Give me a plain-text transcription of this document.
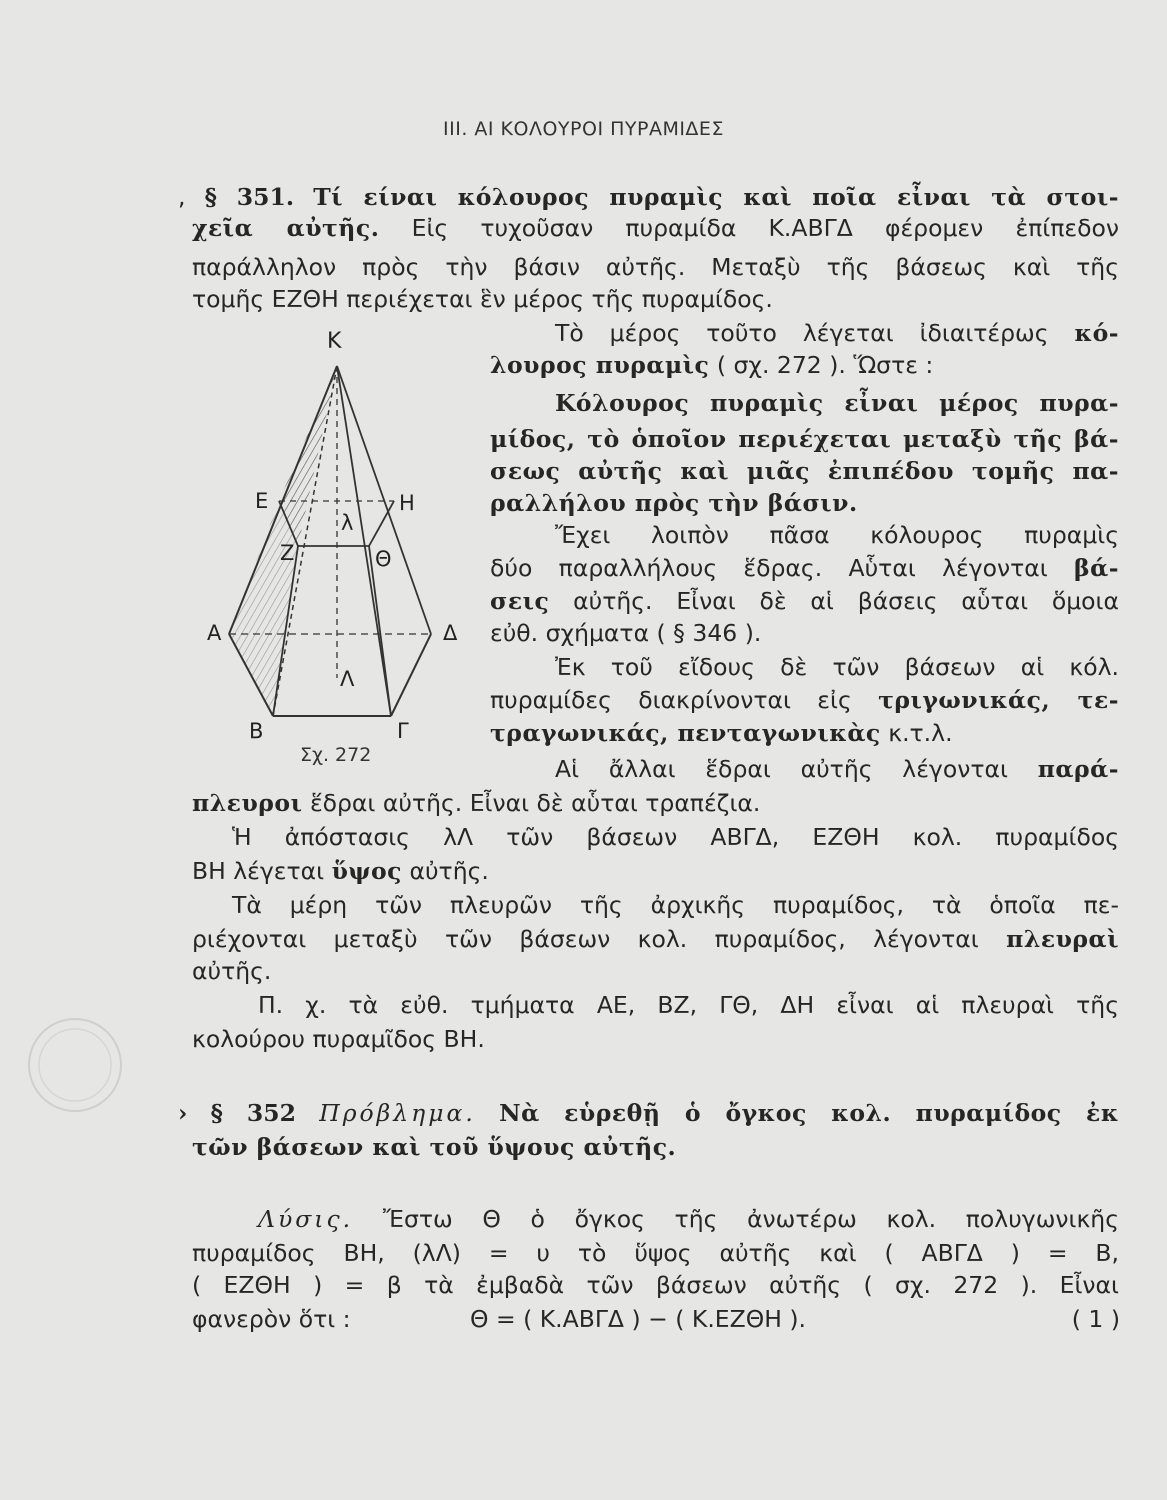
III. ΑΙ ΚΟΛΟΥΡΟΙ ΠΥΡΑΜΙΔΕΣ
, § 351. Τί είναι κόλουρος πυραμὶς καὶ ποῖα εἶναι τὰ στοι-
χεῖα αὐτῆς. Εἰς τυχοῦσαν πυραμίδα Κ.ΑΒΓΔ φέρομεν ἐπίπεδον
παράλληλον πρὸς τὴν βάσιν αὐτῆς. Μεταξὺ τῆς βάσεως καὶ τῆς
τομῆς ΕΖΘΗ περιέχεται ἓν μέρος τῆς πυραμίδος.
Τὸ μέρος τοῦτο λέγεται ἰδιαιτέρως κό-
λουρος πυραμὶς ( σχ. 272 ). Ὥστε :
Κόλουρος πυραμὶς εἶναι μέρος πυρα-
μίδος, τὸ ὁποῖον περιέχεται μεταξὺ τῆς βά-
σεως αὐτῆς καὶ μιᾶς ἐπιπέδου τομῆς πα-
ραλλήλου πρὸς τὴν βάσιν.
Ἔχει λοιπὸν πᾶσα κόλουρος πυραμὶς
δύο παραλλήλους ἕδρας. Αὗται λέγονται βά-
σεις αὐτῆς. Εἶναι δὲ αἱ βάσεις αὗται ὅμοια
εὐθ. σχήματα ( § 346 ).
Ἐκ τοῦ εἴδους δὲ τῶν βάσεων αἱ κόλ.
πυραμίδες διακρίνονται εἰς τριγωνικάς, τε-
τραγωνικάς, πενταγωνικὰς κ.τ.λ.
Αἱ ἄλλαι ἕδραι αὐτῆς λέγονται παρά-
πλευροι ἕδραι αὐτῆς. Εἶναι δὲ αὗται τραπέζια.
Ἡ ἀπόστασις λΛ τῶν βάσεων ΑΒΓΔ, ΕΖΘΗ κολ. πυραμίδος
ΒΗ λέγεται ὕψος αὐτῆς.
Τὰ μέρη τῶν πλευρῶν τῆς ἀρχικῆς πυραμίδος, τὰ ὁποῖα πε-
ριέχονται μεταξὺ τῶν βάσεων κολ. πυραμίδος, λέγονται πλευραὶ
αὐτῆς.
Π. χ. τὰ εὐθ. τμήματα ΑΕ, ΒΖ, ΓΘ, ΔΗ εἶναι αἱ πλευραὶ τῆς
κολούρου πυραμῖδος ΒΗ.
Κ
Ε	Η
Ζ	Θ
λ
Α	Δ
Λ
Β	Γ
Σχ. 272
› § 352 Πρόβλημα. Νὰ εὑρεθῇ ὁ ὄγκος κολ. πυραμίδος ἐκ
τῶν βάσεων καὶ τοῦ ὕψους αὐτῆς.
Λύσις. Ἔστω Θ ὁ ὄγκος τῆς ἀνωτέρω κολ. πολυγωνικῆς
πυραμίδος ΒΗ, (λΛ) = υ τὸ ὕψος αὐτῆς καὶ ( ΑΒΓΔ ) = Β,
( ΕΖΘΗ ) = β τὰ ἐμβαδὰ τῶν βάσεων αὐτῆς ( σχ. 272 ). Εἶναι
φανερὸν ὅτι :	Θ = ( Κ.ΑΒΓΔ ) − ( Κ.ΕΖΘΗ ).	( 1 )
